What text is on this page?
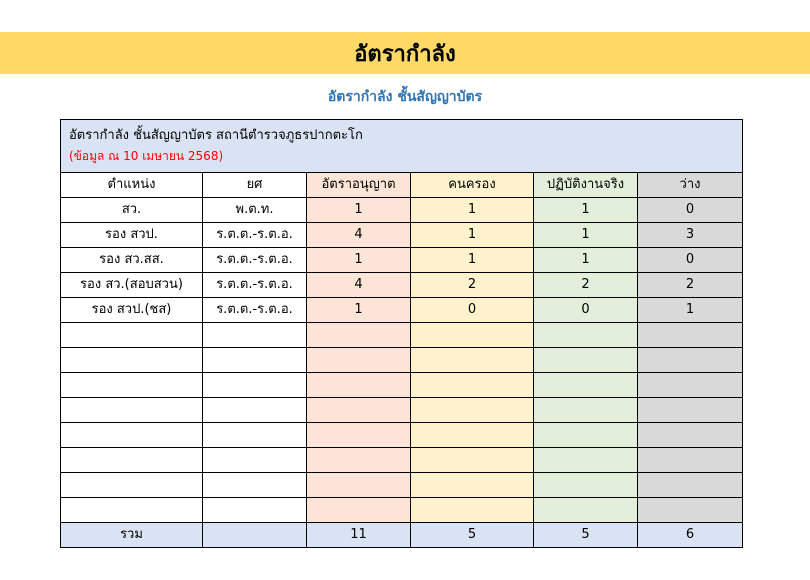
อัตรากำลัง
อัตรากำลัง ชั้นสัญญาบัตร
อัตรากำลัง ชั้นสัญญาบัตร สถานีตำรวจภูธรปากตะโก
(ข้อมูล ณ 10 เมษายน 2568)					

ตำแหน่ง	ยศ	อัตราอนุญาต	คนครอง	ปฏิบัติงานจริง	ว่าง
สว.	พ.ต.ท.	1	1	1	0
รอง สวป.	ร.ต.ต.-ร.ต.อ.	4	1	1	3
รอง สว.สส.	ร.ต.ต.-ร.ต.อ.	1	1	1	0
รอง สว.(สอบสวน)	ร.ต.ต.-ร.ต.อ.	4	2	2	2
รอง สวป.(ชส)	ร.ต.ต.-ร.ต.อ.	1	0	0	1

รวม		11	5	5	6
